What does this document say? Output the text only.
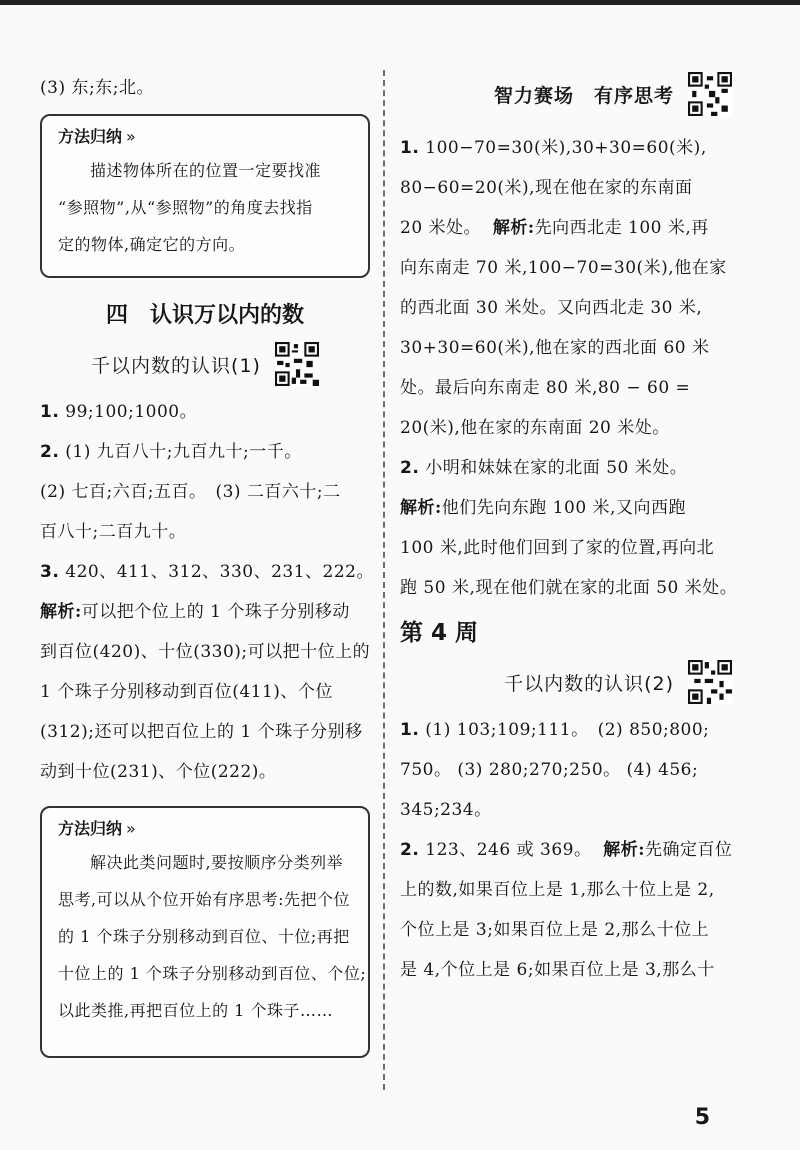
(3) 东;东;北。
方法归纳 »
描述物体所在的位置一定要找准
“参照物”,从“参照物”的角度去找指
定的物体,确定它的方向。
四　认识万以内的数
千以内数的认识(1)
1. 99;100;1000。
2. (1) 九百八十;九百九十;一千。
(2) 七百;六百;五百。　(3) 二百六十;二
百八十;二百九十。
3. 420、411、312、330、231、222。
解析:可以把个位上的 1 个珠子分别移动
到百位(420)、十位(330);可以把十位上的
1 个珠子分别移动到百位(411)、个位
(312);还可以把百位上的 1 个珠子分别移
动到十位(231)、个位(222)。
方法归纳 »
解决此类问题时,要按顺序分类列举
思考,可以从个位开始有序思考:先把个位
的 1 个珠子分别移动到百位、十位;再把
十位上的 1 个珠子分别移动到百位、个位;
以此类推,再把百位上的 1 个珠子……
智力赛场　有序思考
1. 100−70=30(米),30+30=60(米),
80−60=20(米),现在他在家的东南面
20 米处。 解析:先向西北走 100 米,再
向东南走 70 米,100−70=30(米),他在家
的西北面 30 米处。又向西北走 30 米,
30+30=60(米),他在家的西北面 60 米
处。最后向东南走 80 米,80 − 60 =
20(米),他在家的东南面 20 米处。
2. 小明和妹妹在家的北面 50 米处。
解析:他们先向东跑 100 米,又向西跑
100 米,此时他们回到了家的位置,再向北
跑 50 米,现在他们就在家的北面 50 米处。
第 4 周
千以内数的认识(2)
1. (1) 103;109;111。　(2) 850;800;
750。 (3) 280;270;250。 (4) 456;
345;234。
2. 123、246 或 369。 解析:先确定百位
上的数,如果百位上是 1,那么十位上是 2,
个位上是 3;如果百位上是 2,那么十位上
是 4,个位上是 6;如果百位上是 3,那么十
5
